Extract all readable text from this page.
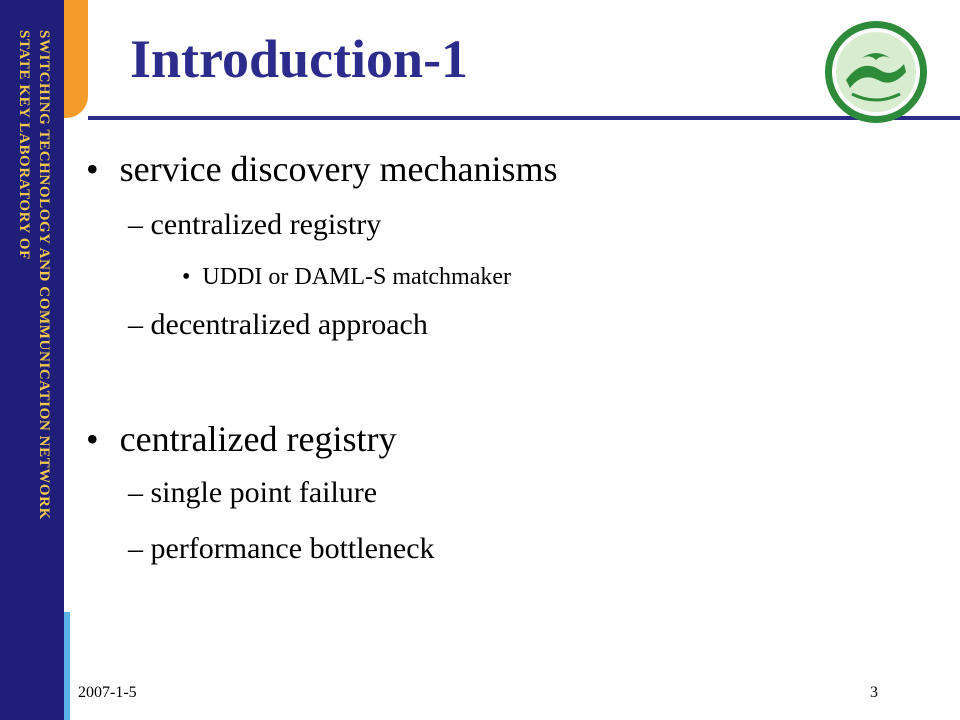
SWITCHING TECHNOLOGY AND COMMUNICATION NETWORK
STATE KEY LABORATORY OF Introduction-1
• service discovery mechanisms
– centralized registry
• UDDI or DAML-S matchmaker
– decentralized approach
• centralized registry
– single point failure
– performance bottleneck
2007-1-5	3
